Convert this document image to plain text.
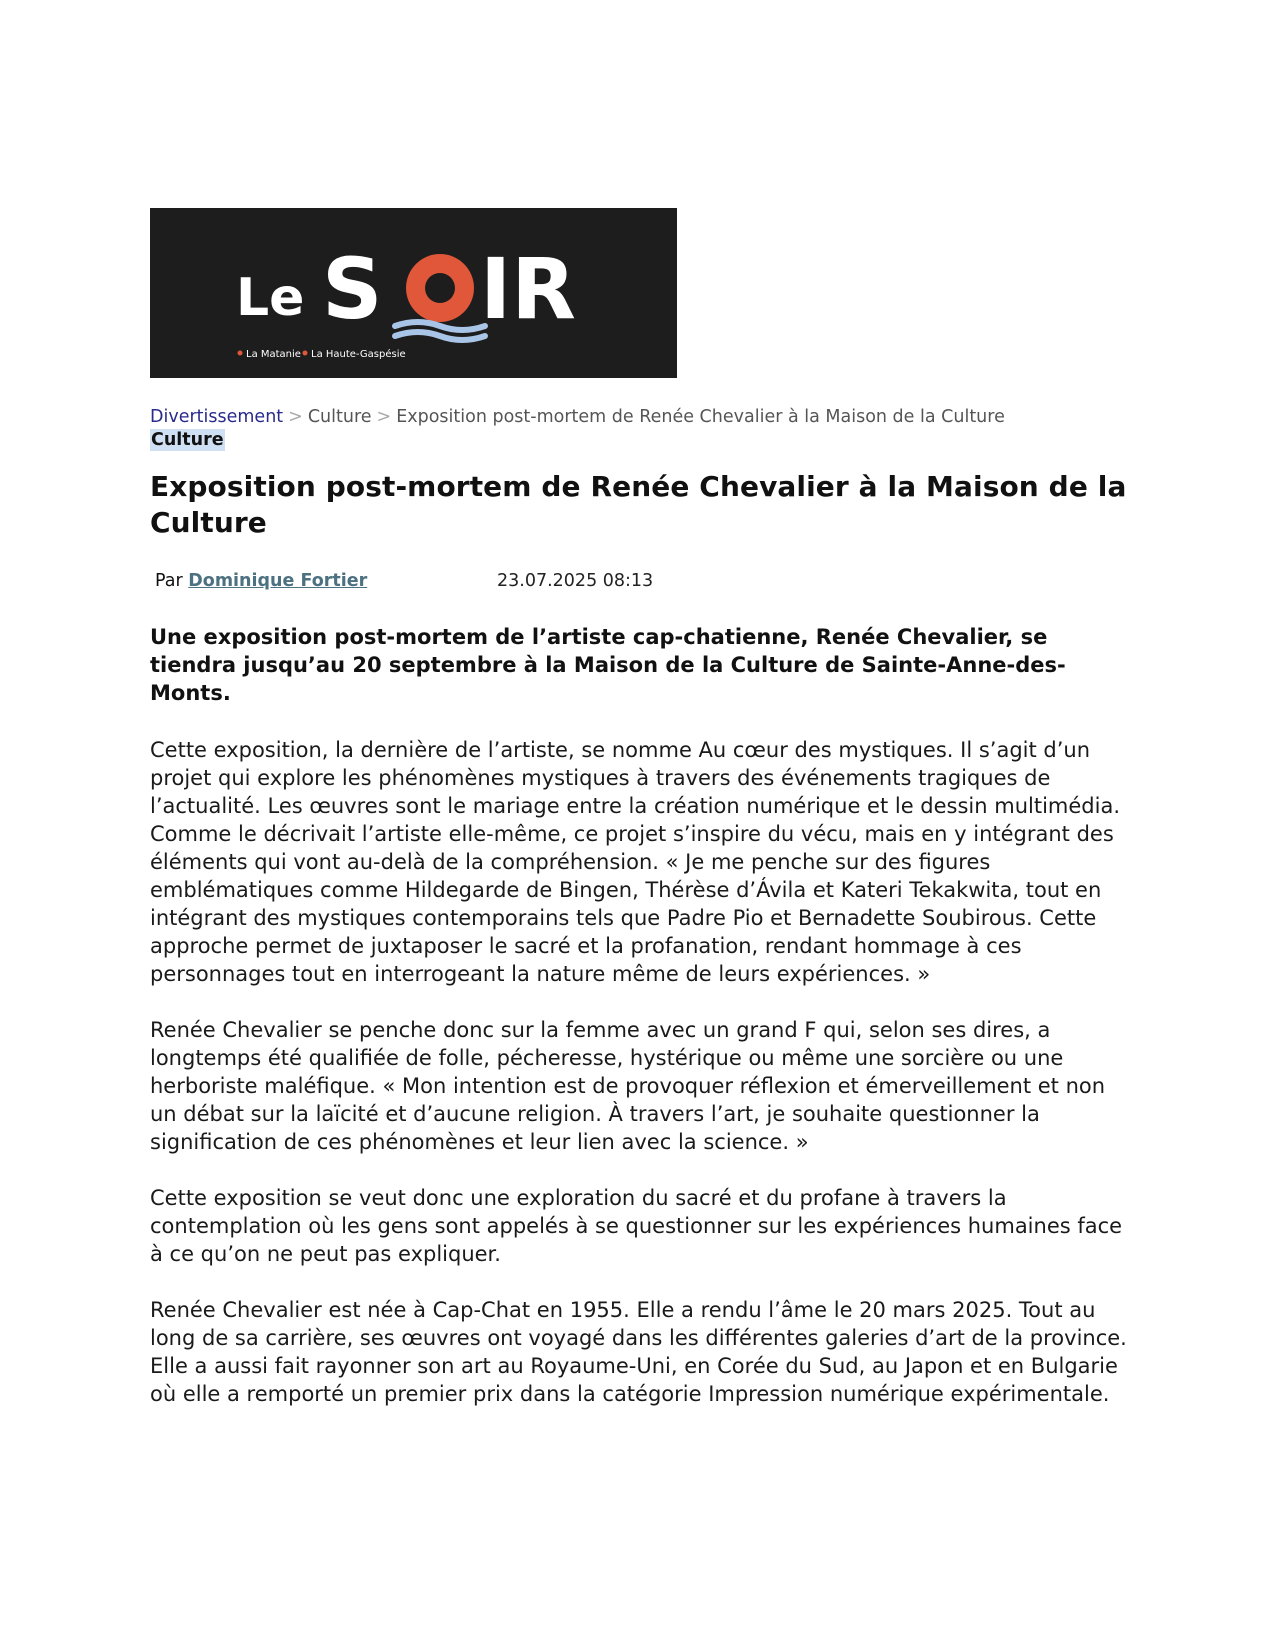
Le S IR
La Matanie La Haute-Gaspésie
Divertissement > Culture > Exposition post-mortem de Renée Chevalier à la Maison de la Culture
Culture
Exposition post-mortem de Renée Chevalier à la Maison de la Culture
Par Dominique Fortier	23.07.2025 08:13
Une exposition post-mortem de l’artiste cap-chatienne, Renée Chevalier, se tiendra jusqu’au 20 septembre à la Maison de la Culture de Sainte-Anne-des-Monts.

Cette exposition, la dernière de l’artiste, se nomme Au cœur des mystiques. Il s’agit d’un projet qui explore les phénomènes mystiques à travers des événements tragiques de l’actualité. Les œuvres sont le mariage entre la création numérique et le dessin multimédia. Comme le décrivait l’artiste elle-même, ce projet s’inspire du vécu, mais en y intégrant des éléments qui vont au-delà de la compréhension. « Je me penche sur des figures emblématiques comme Hildegarde de Bingen, Thérèse d’Ávila et Kateri Tekakwita, tout en intégrant des mystiques contemporains tels que Padre Pio et Bernadette Soubirous. Cette approche permet de juxtaposer le sacré et la profanation, rendant hommage à ces personnages tout en interrogeant la nature même de leurs expériences. »

Renée Chevalier se penche donc sur la femme avec un grand F qui, selon ses dires, a longtemps été qualifiée de folle, pécheresse, hystérique ou même une sorcière ou une herboriste maléfique. « Mon intention est de provoquer réflexion et émerveillement et non un débat sur la laïcité et d’aucune religion. À travers l’art, je souhaite questionner la signification de ces phénomènes et leur lien avec la science. »

Cette exposition se veut donc une exploration du sacré et du profane à travers la contemplation où les gens sont appelés à se questionner sur les expériences humaines face à ce qu’on ne peut pas expliquer.

Renée Chevalier est née à Cap-Chat en 1955. Elle a rendu l’âme le 20 mars 2025. Tout au long de sa carrière, ses œuvres ont voyagé dans les différentes galeries d’art de la province. Elle a aussi fait rayonner son art au Royaume-Uni, en Corée du Sud, au Japon et en Bulgarie où elle a remporté un premier prix dans la catégorie Impression numérique expérimentale.
